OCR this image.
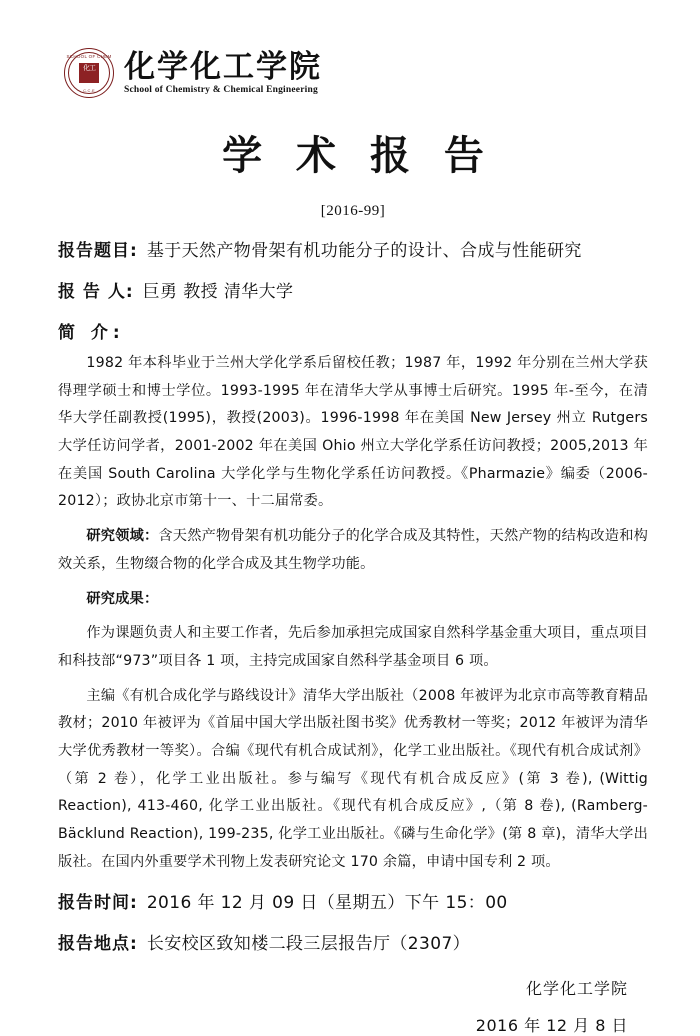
SCHOOL OF CHEM
化工
C.C.E
化学化工学院
School of Chemistry & Chemical Engineering
学 术 报 告
[2016-99]
报告题目: 基于天然产物骨架有机功能分子的设计、合成与性能研究
报 告 人: 巨勇 教授 清华大学
简 介:

1982 年本科毕业于兰州大学化学系后留校任教；1987 年，1992 年分别在兰州大学获得理学硕士和博士学位。1993-1995 年在清华大学从事博士后研究。1995 年-至今，在清华大学任副教授(1995)，教授(2003)。1996-1998 年在美国 New Jersey 州立 Rutgers 大学任访问学者，2001-2002 年在美国 Ohio 州立大学化学系任访问教授；2005,2013 年在美国 South Carolina 大学化学与生物化学系任访问教授。《Pharmazie》编委（2006-2012）；政协北京市第十一、十二届常委。

研究领域：含天然产物骨架有机功能分子的化学合成及其特性，天然产物的结构改造和构效关系，生物缀合物的化学合成及其生物学功能。

研究成果：

作为课题负责人和主要工作者，先后参加承担完成国家自然科学基金重大项目，重点项目和科技部“973”项目各 1 项，主持完成国家自然科学基金项目 6 项。

主编《有机合成化学与路线设计》清华大学出版社（2008 年被评为北京市高等教育精品教材；2010 年被评为《首届中国大学出版社图书奖》优秀教材一等奖；2012 年被评为清华大学优秀教材一等奖）。合编《现代有机合成试剂》，化学工业出版社。《现代有机合成试剂》（第 2 卷），化学工业出版社。参与编写《现代有机合成反应》(第 3 卷), (Wittig Reaction), 413-460, 化学工业出版社。《现代有机合成反应》,（第 8 卷), (Ramberg-Bäcklund Reaction), 199-235, 化学工业出版社。《磷与生命化学》(第 8 章)，清华大学出版社。在国内外重要学术刊物上发表研究论文 170 余篇，申请中国专利 2 项。

报告时间: 2016 年 12 月 09 日（星期五）下午 15：00
报告地点: 长安校区致知楼二段三层报告厅（2307）
化学化工学院
2016 年 12 月 8 日
